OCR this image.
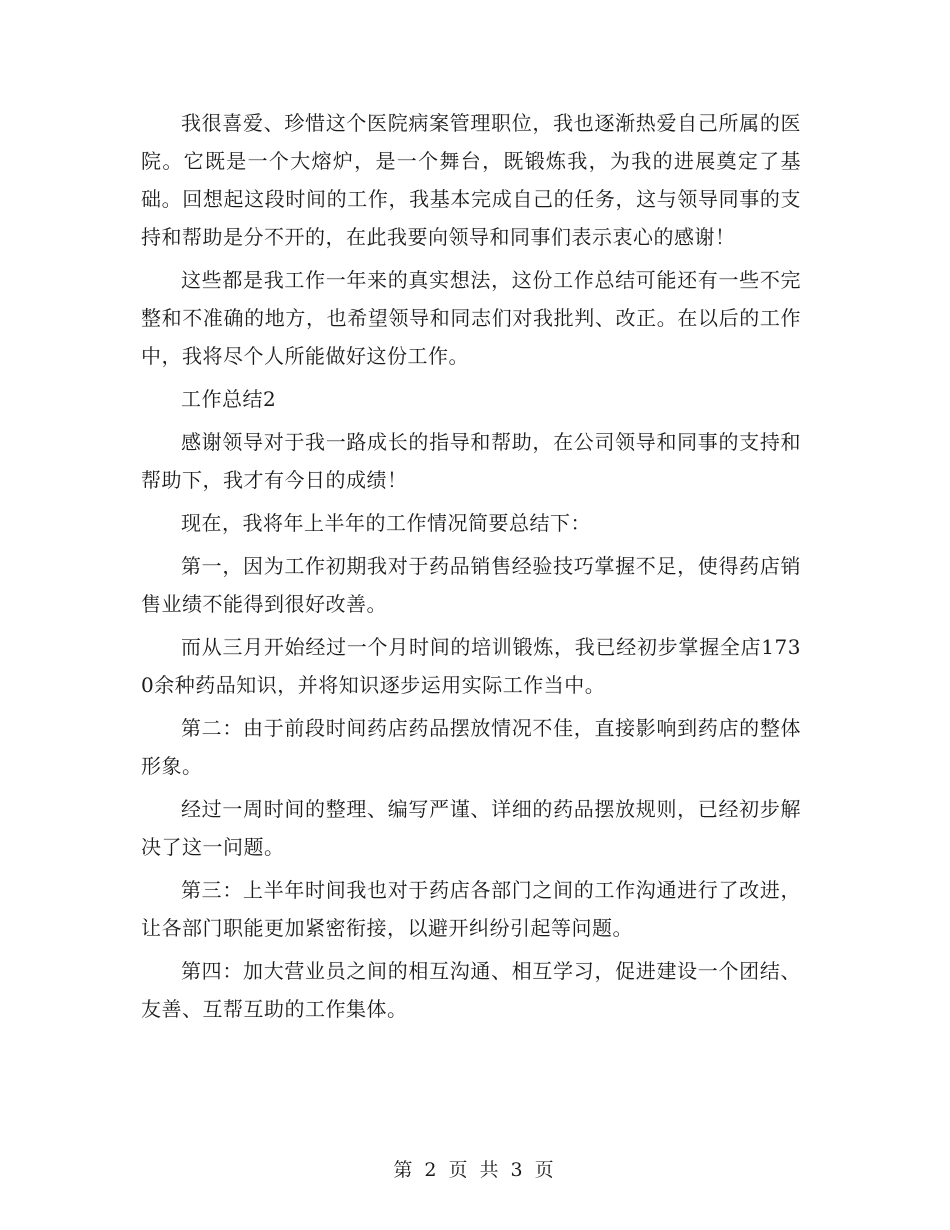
我很喜爱、珍惜这个医院病案管理职位，我也逐渐热爱自己所属的医院。它既是一个大熔炉，是一个舞台，既锻炼我，为我的进展奠定了基础。回想起这段时间的工作，我基本完成自己的任务，这与领导同事的支持和帮助是分不开的，在此我要向领导和同事们表示衷心的感谢！

这些都是我工作一年来的真实想法，这份工作总结可能还有一些不完整和不准确的地方，也希望领导和同志们对我批判、改正。在以后的工作中，我将尽个人所能做好这份工作。

工作总结2

感谢领导对于我一路成长的指导和帮助，在公司领导和同事的支持和帮助下，我才有今日的成绩！

现在，我将年上半年的工作情况简要总结下：

第一，因为工作初期我对于药品销售经验技巧掌握不足，使得药店销售业绩不能得到很好改善。

而从三月开始经过一个月时间的培训锻炼，我已经初步掌握全店1730余种药品知识，并将知识逐步运用实际工作当中。

第二：由于前段时间药店药品摆放情况不佳，直接影响到药店的整体形象。

经过一周时间的整理、编写严谨、详细的药品摆放规则，已经初步解决了这一问题。

第三：上半年时间我也对于药店各部门之间的工作沟通进行了改进，让各部门职能更加紧密衔接，以避开纠纷引起等问题。

第四：加大营业员之间的相互沟通、相互学习，促进建设一个团结、友善、互帮互助的工作集体。

第 2 页 共 3 页
